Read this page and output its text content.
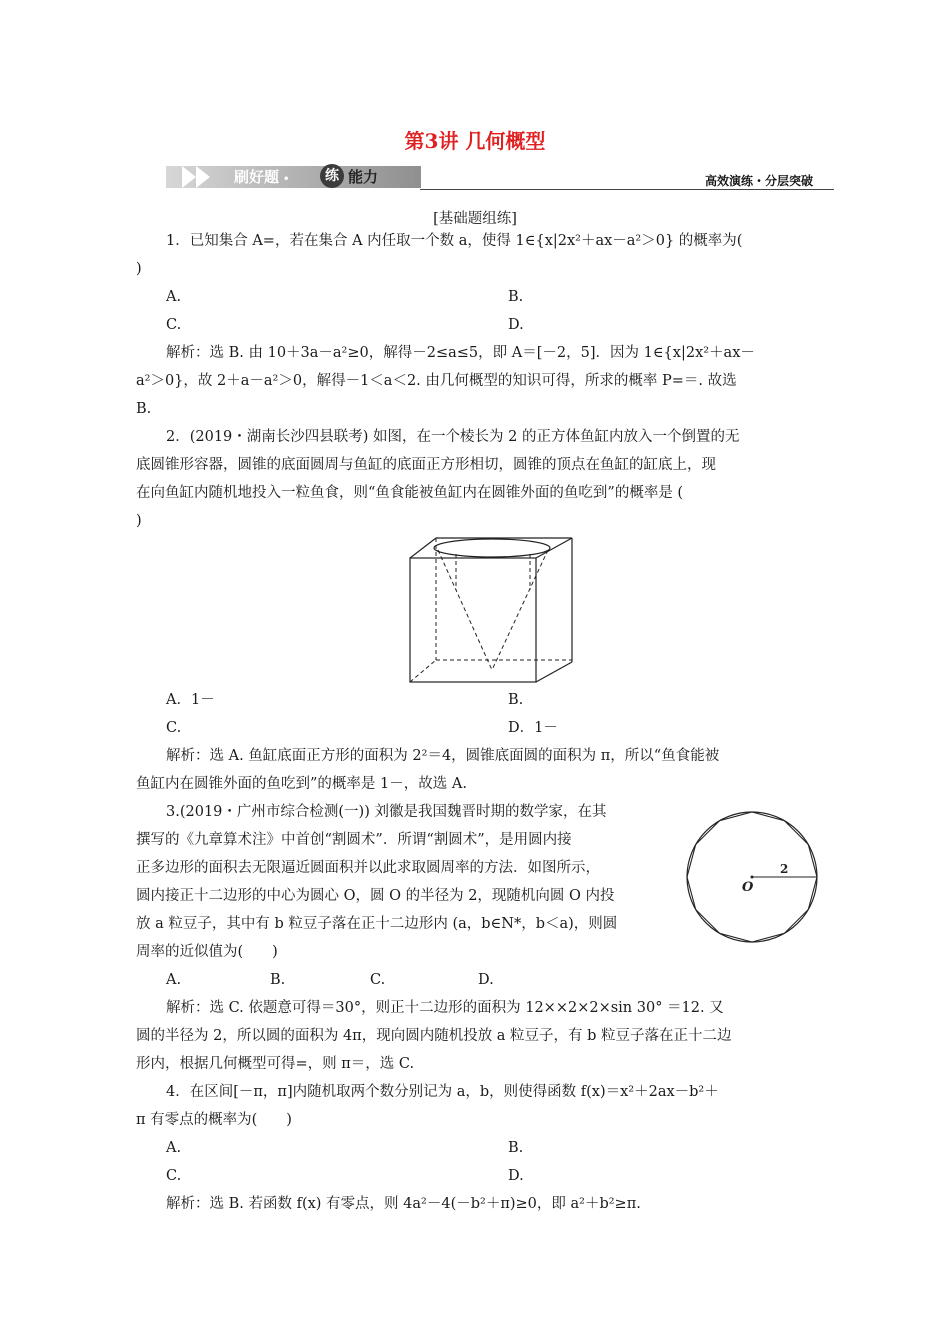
第3讲 几何概型
刷好题 •	练 能力	高效演练・分层突破
[基础题组练]
1．已知集合 A=，若在集合 A 内任取一个数 a，使得 1∈{x|2x²＋ax－a²＞0} 的概率为(
)
A.	B.
C.	D.
解析：选 B. 由 10＋3a－a²≥0，解得－2≤a≤5，即 A＝[－2，5]．因为 1∈{x|2x²＋ax－
a²＞0}，故 2＋a－a²＞0，解得－1＜a＜2. 由几何概型的知识可得，所求的概率 P=＝. 故选
B.
2．(2019・湖南长沙四县联考) 如图，在一个棱长为 2 的正方体鱼缸内放入一个倒置的无
底圆锥形容器，圆锥的底面圆周与鱼缸的底面正方形相切，圆锥的顶点在鱼缸的缸底上，现
在向鱼缸内随机地投入一粒鱼食，则“鱼食能被鱼缸内在圆锥外面的鱼吃到”的概率是 (
)
A．1－	B.
C.	D．1－
解析：选 A. 鱼缸底面正方形的面积为 2²＝4，圆锥底面圆的面积为 π，所以“鱼食能被
鱼缸内在圆锥外面的鱼吃到”的概率是 1－，故选 A.
3.(2019・广州市综合检测(一)) 刘徽是我国魏晋时期的数学家，在其
撰写的《九章算术注》中首创“割圆术”．所谓“割圆术”，是用圆内接
正多边形的面积去无限逼近圆面积并以此求取圆周率的方法．如图所示，
圆内接正十二边形的中心为圆心 O，圆 O 的半径为 2，现随机向圆 O 内投
放 a 粒豆子，其中有 b 粒豆子落在正十二边形内 (a，b∈N*，b＜a)，则圆
周率的近似值为(　　)
O
2
A.	B.	C.	D.
解析：选 C. 依题意可得＝30°，则正十二边形的面积为 12××2×2×sin 30° ＝12. 又
圆的半径为 2，所以圆的面积为 4π，现向圆内随机投放 a 粒豆子，有 b 粒豆子落在正十二边
形内，根据几何概型可得=，则 π＝，选 C.
4．在区间[－π，π]内随机取两个数分别记为 a，b，则使得函数 f(x)＝x²＋2ax－b²＋
π 有零点的概率为(　　)
A.	B.
C.	D.
解析：选 B. 若函数 f(x) 有零点，则 4a²－4(－b²＋π)≥0，即 a²＋b²≥π.
